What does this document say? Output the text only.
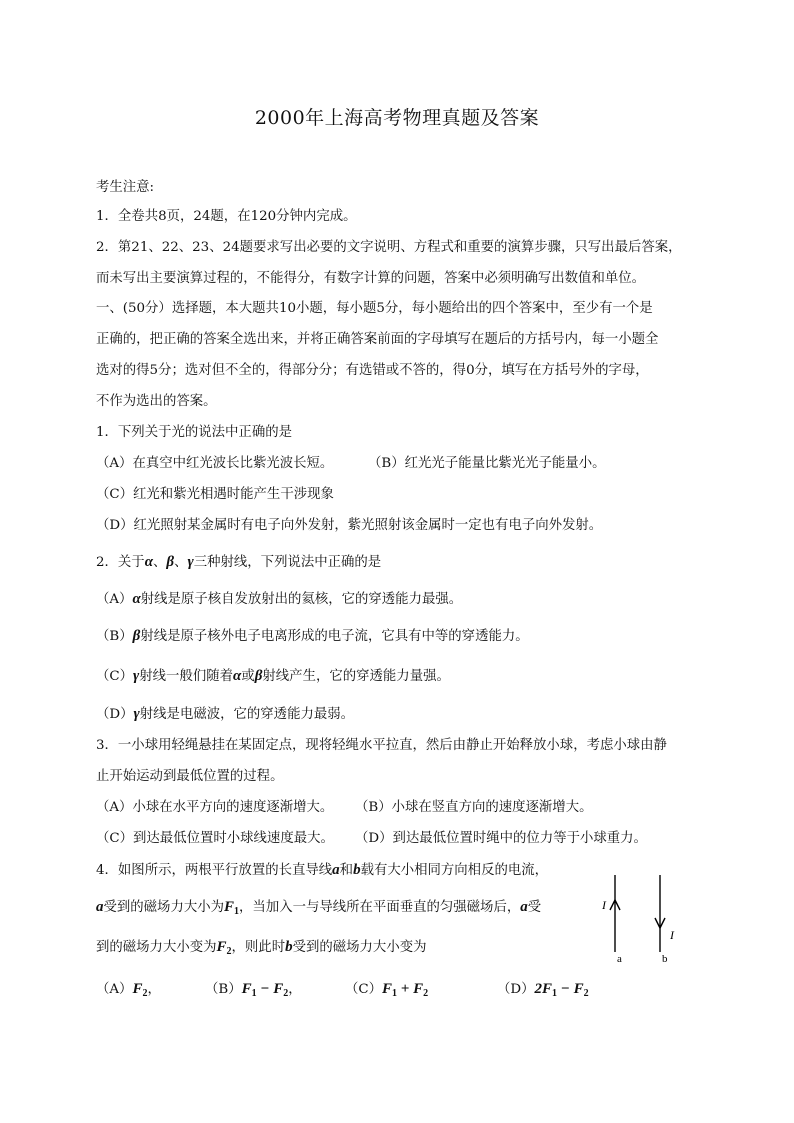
2000年上海高考物理真题及答案
考生注意:
1．全卷共8页，24题，在120分钟内完成。
2．第21、22、23、24题要求写出必要的文字说明、方程式和重要的演算步骤，只写出最后答案，
而未写出主要演算过程的，不能得分，有数字计算的问题，答案中必须明确写出数值和单位。
一、(50分）选择题，本大题共10小题，每小题5分，每小题给出的四个答案中，至少有一个是
正确的，把正确的答案全选出来，并将正确答案前面的字母填写在题后的方括号内，每一小题全
选对的得5分；选对但不全的，得部分分；有选错或不答的，得0分，填写在方括号外的字母，
不作为选出的答案。
1．下列关于光的说法中正确的是
（A）在真空中红光波长比紫光波长短。	（B）红光光子能量比紫光光子能量小。
（C）红光和紫光相遇时能产生干涉现象
（D）红光照射某金属时有电子向外发射，紫光照射该金属时一定也有电子向外发射。
2．关于α、β、γ三种射线，下列说法中正确的是
（A）α射线是原子核自发放射出的氦核，它的穿透能力最强。
（B）β射线是原子核外电子电离形成的电子流，它具有中等的穿透能力。
（C）γ射线一般们随着α或β射线产生，它的穿透能力量强。
（D）γ射线是电磁波，它的穿透能力最弱。
3．一小球用轻绳悬挂在某固定点，现将轻绳水平拉直，然后由静止开始释放小球，考虑小球由静
止开始运动到最低位置的过程。
（A）小球在水平方向的速度逐渐增大。 （B）小球在竖直方向的速度逐渐增大。
（C）到达最低位置时小球线速度最大。 （D）到达最低位置时绳中的位力等于小球重力。
4．如图所示，两根平行放置的长直导线a和b载有大小相同方向相反的电流，
a受到的磁场力大小为$F_1$，当加入一与导线所在平面垂直的匀强磁场后，a受
到的磁场力大小变为$F_2$，则此时b受到的磁场力大小变为
$(A)F_2$，	$(B)F_1 - F_2$，	$(C)F_1 + F_2$	$(D)2F_1 - F_2$
I
I
a	b
